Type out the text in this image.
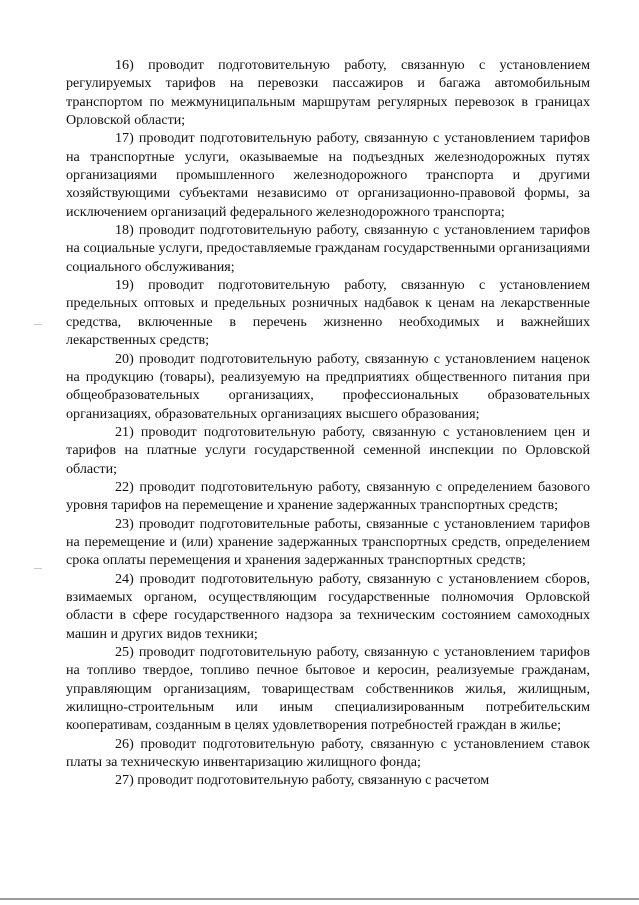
16) проводит подготовительную работу, связанную с установлением регулируемых тарифов на перевозки пассажиров и багажа автомобильным транспортом по межмуниципальным маршрутам регулярных перевозок в границах Орловской области;

17) проводит подготовительную работу, связанную с установлением тарифов на транспортные услуги, оказываемые на подъездных железнодорожных путях организациями промышленного железнодорожного транспорта и другими хозяйствующими субъектами независимо от организационно-правовой формы, за исключением организаций федерального железнодорожного транспорта;

18) проводит подготовительную работу, связанную с установлением тарифов на социальные услуги, предоставляемые гражданам государственными организациями социального обслуживания;

19) проводит подготовительную работу, связанную с установлением предельных оптовых и предельных розничных надбавок к ценам на лекарственные средства, включенные в перечень жизненно необходимых и важнейших лекарственных средств;

20) проводит подготовительную работу, связанную с установлением наценок на продукцию (товары), реализуемую на предприятиях общественного питания при общеобразовательных организациях, профессиональных образовательных организациях, образовательных организациях высшего образования;

21) проводит подготовительную работу, связанную с установлением цен и тарифов на платные услуги государственной семенной инспекции по Орловской области;

22) проводит подготовительную работу, связанную с определением базового уровня тарифов на перемещение и хранение задержанных транспортных средств;

23) проводит подготовительные работы, связанные с установлением тарифов на перемещение и (или) хранение задержанных транспортных средств, определением срока оплаты перемещения и хранения задержанных транспортных средств;

24) проводит подготовительную работу, связанную с установлением сборов, взимаемых органом, осуществляющим государственные полномочия Орловской области в сфере государственного надзора за техническим состоянием самоходных машин и других видов техники;

25) проводит подготовительную работу, связанную с установлением тарифов на топливо твердое, топливо печное бытовое и керосин, реализуемые гражданам, управляющим организациям, товариществам собственников жилья, жилищным, жилищно-строительным или иным специализированным потребительским кооперативам, созданным в целях удовлетворения потребностей граждан в жилье;

26) проводит подготовительную работу, связанную с установлением ставок платы за техническую инвентаризацию жилищного фонда;

27) проводит подготовительную работу, связанную с расчетом
